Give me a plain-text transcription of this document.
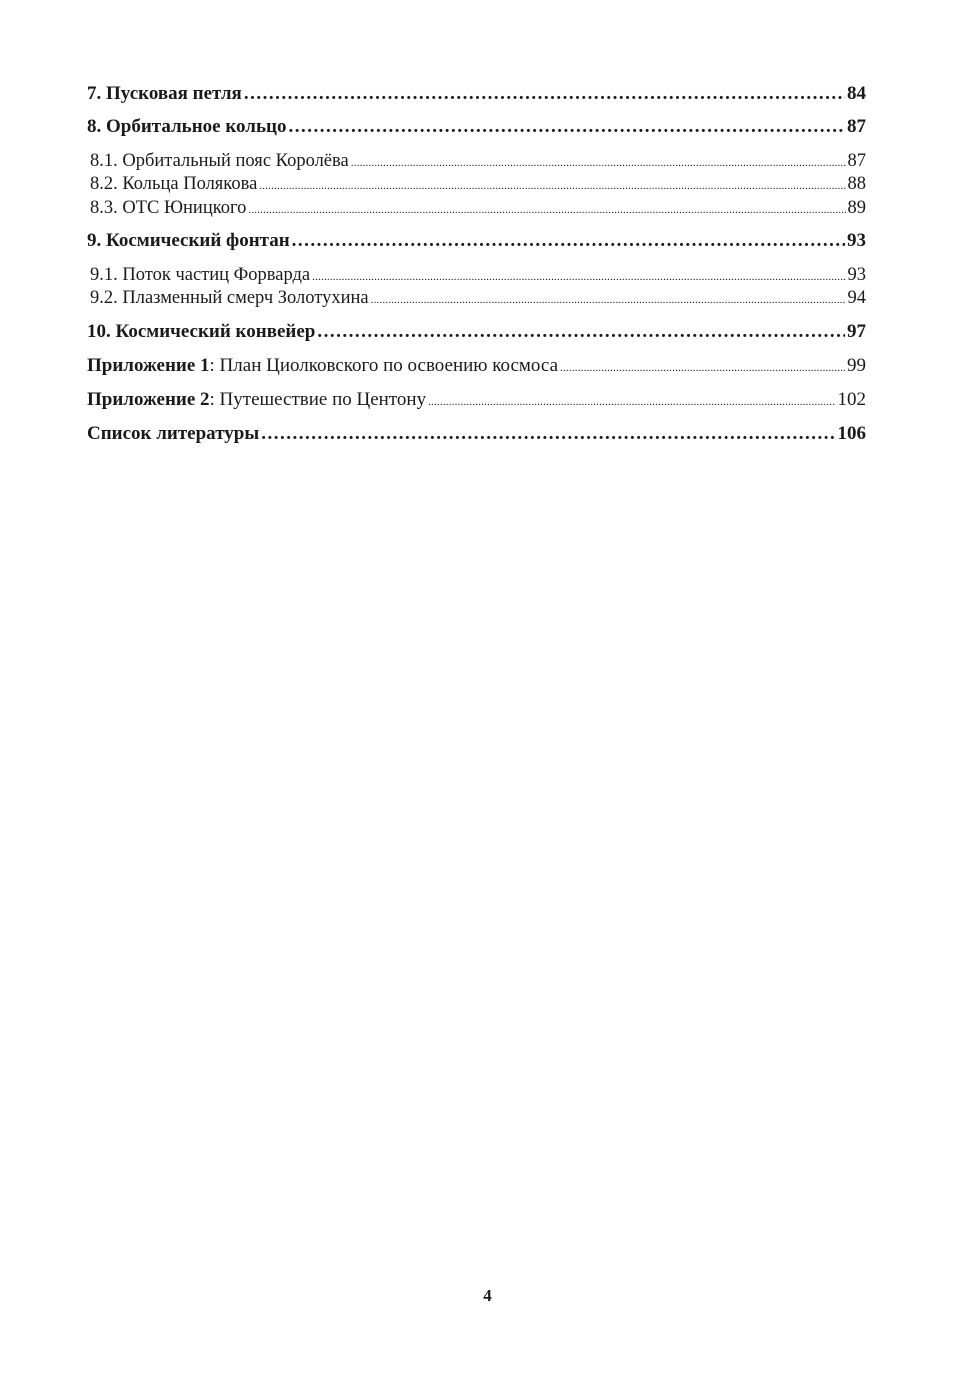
7. Пусковая петля .....	84
8. Орбитальное кольцо .....	87
8.1. Орбитальный пояс Королёва .....	87
8.2. Кольца Полякова .....	88
8.3. ОТС Юницкого .....	89
9. Космический фонтан .....	93
9.1. Поток частиц Форварда .....	93
9.2. Плазменный смерч Золотухина .....	94
10. Космический конвейер .....	97
Приложение 1: План Циолковского по освоению космоса .....	99
Приложение 2: Путешествие по Центону .....	102
Список литературы .....	106
4
